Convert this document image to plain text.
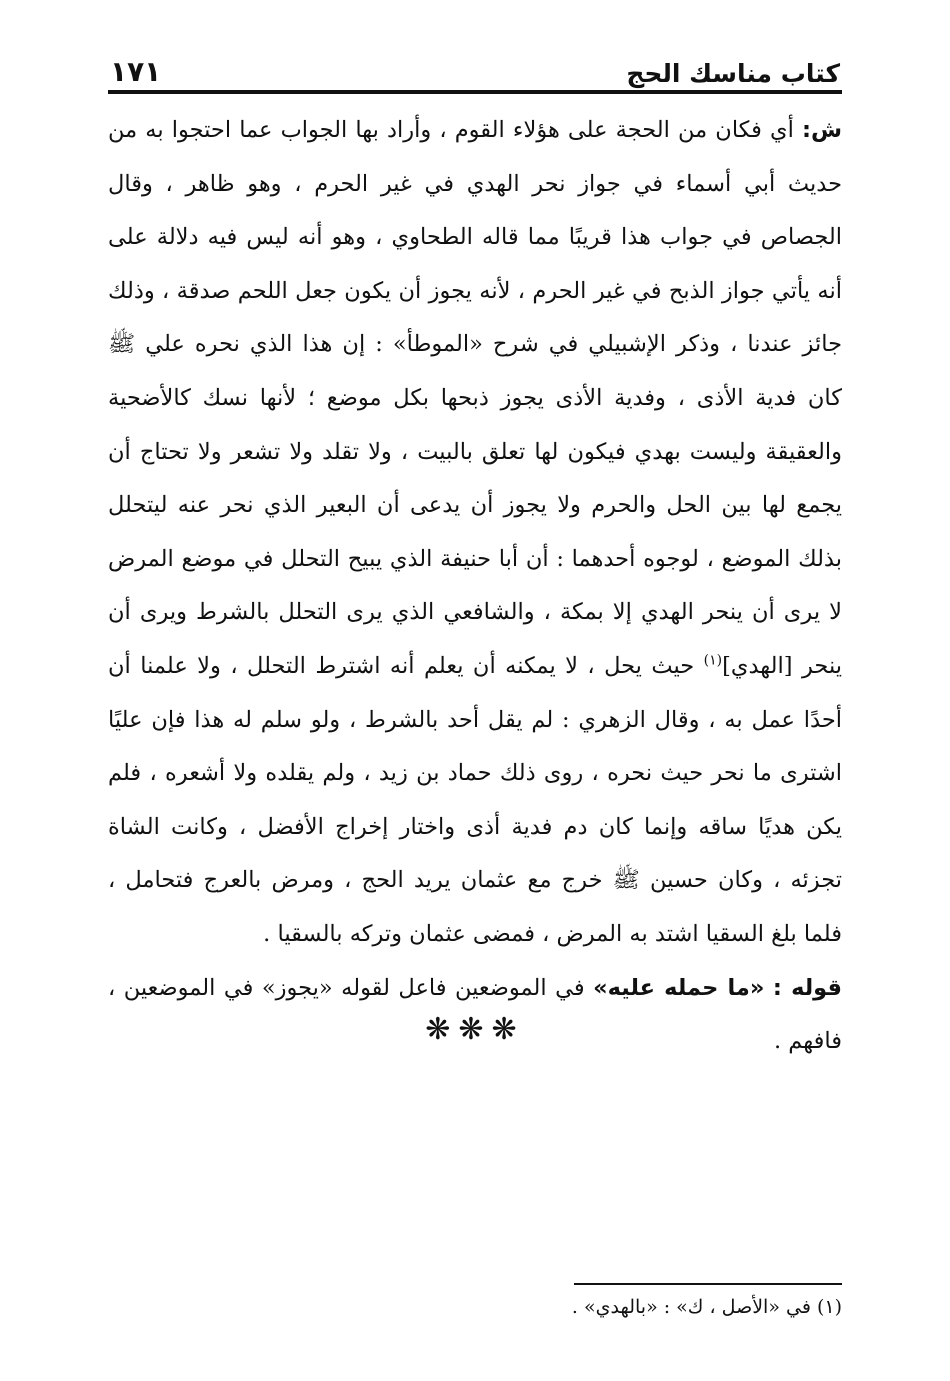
كتاب مناسك الحج
١٧١

ش: أي فكان من الحجة على هؤلاء القوم ، وأراد بها الجواب عما احتجوا به من حديث أبي أسماء في جواز نحر الهدي في غير الحرم ، وهو ظاهر ، وقال الجصاص في جواب هذا قريبًا مما قاله الطحاوي ، وهو أنه ليس فيه دلالة على أنه يأتي جواز الذبح في غير الحرم ، لأنه يجوز أن يكون جعل اللحم صدقة ، وذلك جائز عندنا ، وذكر الإشبيلي في شرح «الموطأ» : إن هذا الذي نحره علي ﷺ كان فدية الأذى ، وفدية الأذى يجوز ذبحها بكل موضع ؛ لأنها نسك كالأضحية والعقيقة وليست بهدي فيكون لها تعلق بالبيت ، ولا تقلد ولا تشعر ولا تحتاج أن يجمع لها بين الحل والحرم ولا يجوز أن يدعى أن البعير الذي نحر عنه ليتحلل بذلك الموضع ، لوجوه أحدهما : أن أبا حنيفة الذي يبيح التحلل في موضع المرض لا يرى أن ينحر الهدي إلا بمكة ، والشافعي الذي يرى التحلل بالشرط ويرى أن ينحر [الهدي]$^{(١)}$ حيث يحل ، لا يمكنه أن يعلم أنه اشترط التحلل ، ولا علمنا أن أحدًا عمل به ، وقال الزهري : لم يقل أحد بالشرط ، ولو سلم له هذا فإن عليًا اشترى ما نحر حيث نحره ، روى ذلك حماد بن زيد ، ولم يقلده ولا أشعره ، فلم يكن هديًا ساقه وإنما كان دم فدية أذى واختار إخراج الأفضل ، وكانت الشاة تجزئه ، وكان حسين ﷺ خرج مع عثمان يريد الحج ، ومرض بالعرج فتحامل ، فلما بلغ السقيا اشتد به المرض ، فمضى عثمان وتركه بالسقيا .

قوله : «ما حمله عليه» في الموضعين فاعل لقوله «يجوز» في الموضعين ، فافهم .

❋❋❋
(١) في «الأصل ، ك» : «بالهدي» .
